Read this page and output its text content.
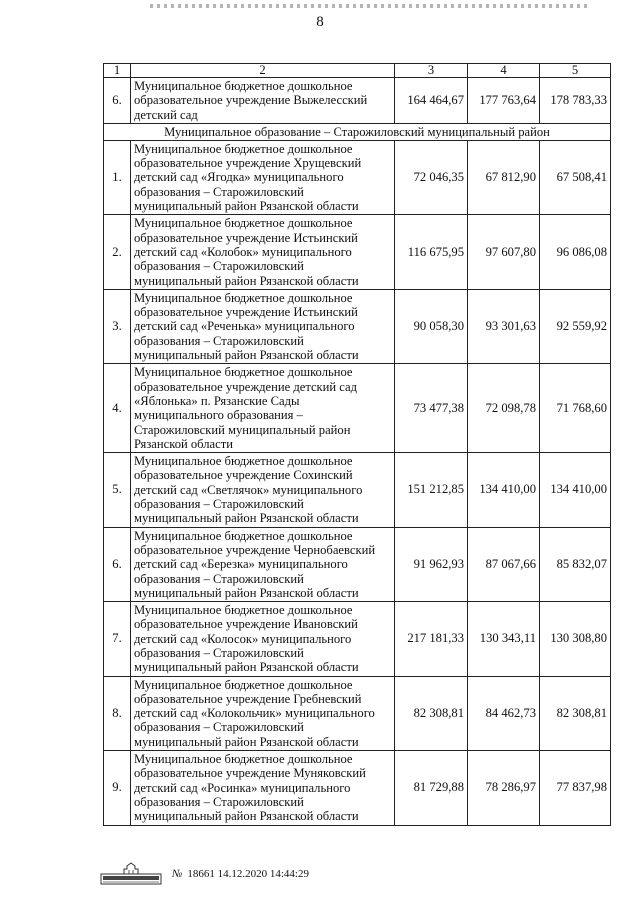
8
1	2	3	4	5
6.	Муниципальное бюджетное дошкольное образовательное учреждение Выжелесский детский сад	164 464,67	177 763,64	178 783,33
Муниципальное образование – Старожиловский муниципальный район				
1.	Муниципальное бюджетное дошкольное образовательное учреждение Хрущевский детский сад «Ягодка» муниципального образования – Старожиловский муниципальный район Рязанской области	72 046,35	67 812,90	67 508,41
2.	Муниципальное бюджетное дошкольное образовательное учреждение Истьинский детский сад «Колобок» муниципального образования – Старожиловский муниципальный район Рязанской области	116 675,95	97 607,80	96 086,08
3.	Муниципальное бюджетное дошкольное образовательное учреждение Истьинский детский сад «Реченька» муниципального образования – Старожиловский муниципальный район Рязанской области	90 058,30	93 301,63	92 559,92
4.	Муниципальное бюджетное дошкольное образовательное учреждение детский сад «Яблонька» п. Рязанские Сады муниципального образования – Старожиловский муниципальный район Рязанской области	73 477,38	72 098,78	71 768,60
5.	Муниципальное бюджетное дошкольное образовательное учреждение Сохинский детский сад «Светлячок» муниципального образования – Старожиловский муниципальный район Рязанской области	151 212,85	134 410,00	134 410,00
6.	Муниципальное бюджетное дошкольное образовательное учреждение Чернобаевский детский сад «Березка» муниципального образования – Старожиловский муниципальный район Рязанской области	91 962,93	87 067,66	85 832,07
7.	Муниципальное бюджетное дошкольное образовательное учреждение Ивановский детский сад «Колосок» муниципального образования – Старожиловский муниципальный район Рязанской области	217 181,33	130 343,11	130 308,80
8.	Муниципальное бюджетное дошкольное образовательное учреждение Гребневский детский сад «Колокольчик» муниципального образования – Старожиловский муниципальный район Рязанской области	82 308,81	84 462,73	82 308,81
9.	Муниципальное бюджетное дошкольное образовательное учреждение Муняковский детский сад «Росинка» муниципального образования – Старожиловский муниципальный район Рязанской области	81 729,88	78 286,97	77 837,98
№ 18661 14.12.2020 14:44:29
